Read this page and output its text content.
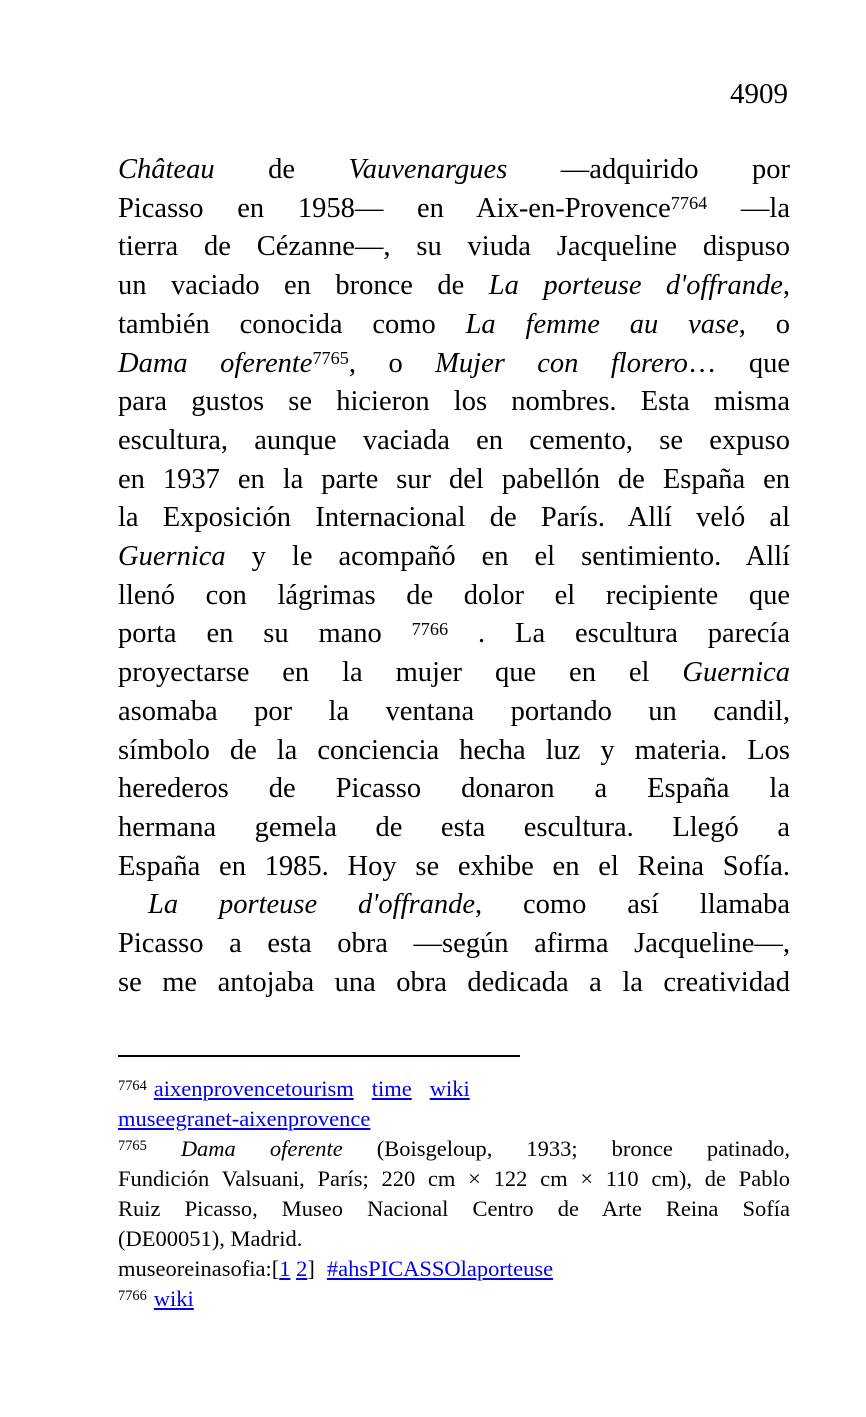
4909
Château de Vauvenargues —adquirido por
Picasso en 1958— en Aix-en-Provence$^{7764}$ —la
tierra de Cézanne—, su viuda Jacqueline dispuso
un vaciado en bronce de La porteuse d'offrande,
también conocida como La femme au vase, o
Dama oferente$^{7765}$, o Mujer con florero… que
para gustos se hicieron los nombres. Esta misma
escultura, aunque vaciada en cemento, se expuso
en 1937 en la parte sur del pabellón de España en
la Exposición Internacional de París. Allí veló al
Guernica y le acompañó en el sentimiento. Allí
llenó con lágrimas de dolor el recipiente que
porta en su mano $^{7766}$ . La escultura parecía
proyectarse en la mujer que en el Guernica
asomaba por la ventana portando un candil,
símbolo de la conciencia hecha luz y materia. Los
herederos de Picasso donaron a España la
hermana gemela de esta escultura. Llegó a
España en 1985. Hoy se exhibe en el Reina Sofía.
La porteuse d'offrande, como así llamaba
Picasso a esta obra —según afirma Jacqueline—,
se me antojaba una obra dedicada a la creatividad
$^{7764}$ aixenprovencetourism time wiki
museegranet-aixenprovence
$^{7765}$ Dama oferente (Boisgeloup, 1933; bronce patinado,
Fundición Valsuani, París; 220 cm × 122 cm × 110 cm), de Pablo
Ruiz Picasso, Museo Nacional Centro de Arte Reina Sofía
(DE00051), Madrid.
museoreinasofia:[1 2] #ahsPICASSOlaporteuse
$^{7766}$ wiki
